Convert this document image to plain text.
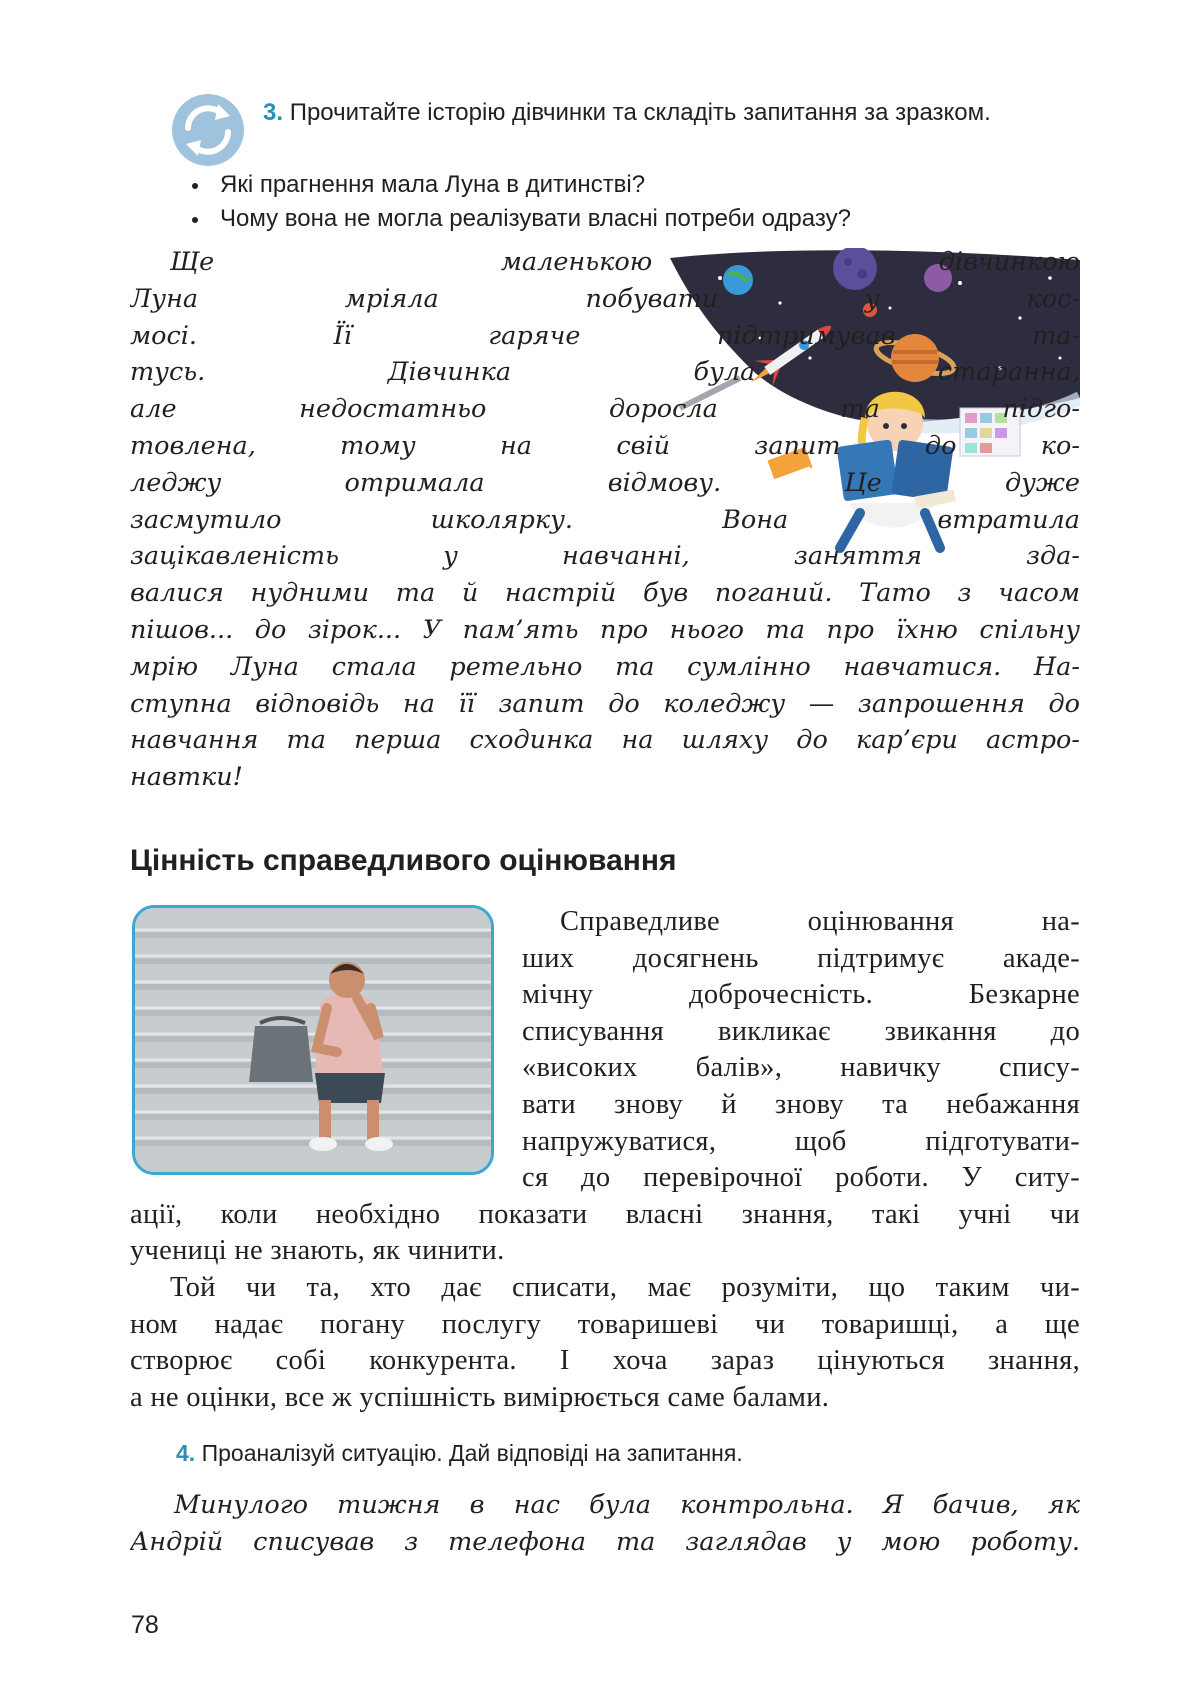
3. Прочитайте історію дівчинки та складіть запитання за зразком.
Які прагнення мала Луна в дитинстві?
Чому вона не могла реалізувати власні потреби одразу?
Ще маленькою дівчинкою
Луна мріяла побувати у кос-
мосі. Її гаряче підтримував та-
тусь. Дівчинка була старанна,
але недостатньо доросла та підго-
товлена, тому на свій запит до ко-
леджу отримала відмову. Це дуже
засмутило школярку. Вона втратила
зацікавленість у навчанні, заняття зда-
валися нудними та й настрій був поганий. Тато з часом
пішов... до зірок... У пам’ять про нього та про їхню спільну
мрію Луна стала ретельно та сумлінно навчатися. На-
ступна відповідь на її запит до коледжу — запрошення до
навчання та перша сходинка на шляху до кар’єри астро-
навтки!
Цінність справедливого оцінювання
Справедливе оцінювання на-
ших досягнень підтримує акаде-
мічну доброчесність. Безкарне
списування викликає звикання до
«високих балів», навичку спису-
вати знову й знову та небажання
напружуватися, щоб підготувати-
ся до перевірочної роботи. У ситу-
ації, коли необхідно показати власні знання, такі учні чи
учениці не знають, як чинити.
Той чи та, хто дає списати, має розуміти, що таким чи-
ном надає погану послугу товаришеві чи товаришці, а ще
створює собі конкурента. І хоча зараз цінуються знання,
а не оцінки, все ж успішність вимірюється саме балами.
4. Проаналізуй ситуацію. Дай відповіді на запитання.
Минулого тижня в нас була контрольна. Я бачив, як
Андрій списував з телефона та заглядав у мою роботу.
78
